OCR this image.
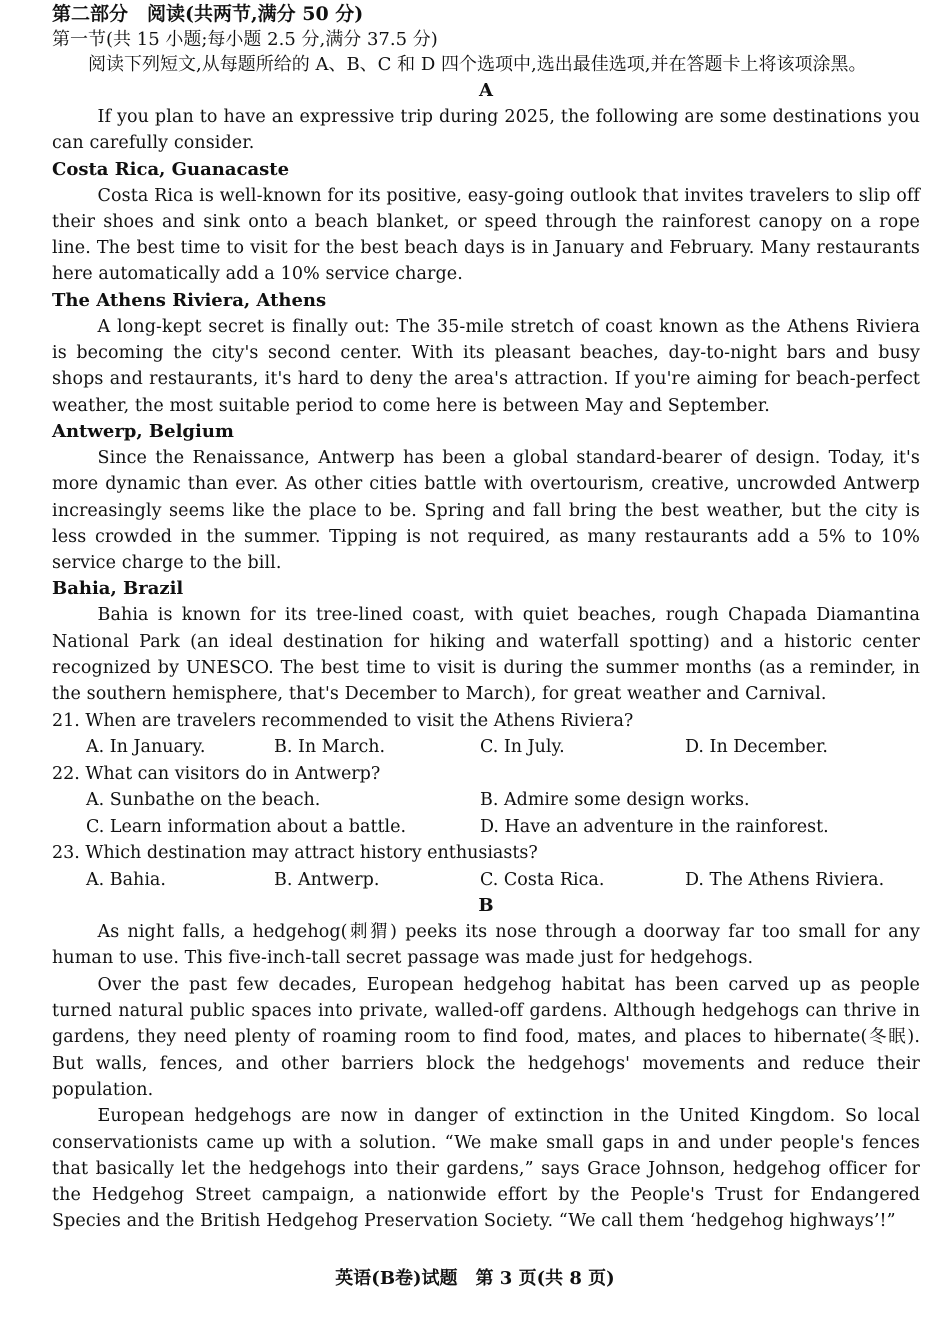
第二部分　阅读(共两节,满分 50 分)
第一节(共 15 小题;每小题 2.5 分,满分 37.5 分)
阅读下列短文,从每题所给的 A、B、C 和 D 四个选项中,选出最佳选项,并在答题卡上将该项涂黑。
A

If you plan to have an expressive trip during 2025, the following are some destinations you can carefully consider.

Costa Rica, Guanacaste

Costa Rica is well-known for its positive, easy-going outlook that invites travelers to slip off their shoes and sink onto a beach blanket, or speed through the rainforest canopy on a rope line. The best time to visit for the best beach days is in January and February. Many restaurants here automatically add a 10% service charge.

The Athens Riviera, Athens

A long-kept secret is finally out: The 35-mile stretch of coast known as the Athens Riviera is becoming the city's second center. With its pleasant beaches, day-to-night bars and busy shops and restaurants, it's hard to deny the area's attraction. If you're aiming for beach-perfect weather, the most suitable period to come here is between May and September.

Antwerp, Belgium

Since the Renaissance, Antwerp has been a global standard-bearer of design. Today, it's more dynamic than ever. As other cities battle with overtourism, creative, uncrowded Antwerp increasingly seems like the place to be. Spring and fall bring the best weather, but the city is less crowded in the summer. Tipping is not required, as many restaurants add a 5% to 10% service charge to the bill.

Bahia, Brazil

Bahia is known for its tree-lined coast, with quiet beaches, rough Chapada Diamantina National Park (an ideal destination for hiking and waterfall spotting) and a historic center recognized by UNESCO. The best time to visit is during the summer months (as a reminder, in the southern hemisphere, that's December to March), for great weather and Carnival.

21. When are travelers recommended to visit the Athens Riviera?
A. In January.	B. In March.	C. In July.	D. In December.
22. What can visitors do in Antwerp?
A. Sunbathe on the beach.	B. Admire some design works.
C. Learn information about a battle.	D. Have an adventure in the rainforest.
23. Which destination may attract history enthusiasts?
A. Bahia.	B. Antwerp.	C. Costa Rica.	D. The Athens Riviera.
B

As night falls, a hedgehog(刺猬) peeks its nose through a doorway far too small for any human to use. This five-inch-tall secret passage was made just for hedgehogs.

Over the past few decades, European hedgehog habitat has been carved up as people turned natural public spaces into private, walled-off gardens. Although hedgehogs can thrive in gardens, they need plenty of roaming room to find food, mates, and places to hibernate(冬眠). But walls, fences, and other barriers block the hedgehogs' movements and reduce their population.

European hedgehogs are now in danger of extinction in the United Kingdom. So local conservationists came up with a solution. “We make small gaps in and under people's fences that basically let the hedgehogs into their gardens,” says Grace Johnson, hedgehog officer for the Hedgehog Street campaign, a nationwide effort by the People's Trust for Endangered Species and the British Hedgehog Preservation Society. “We call them ‘hedgehog highways’!”

英语(B卷)试题　第 3 页(共 8 页)
